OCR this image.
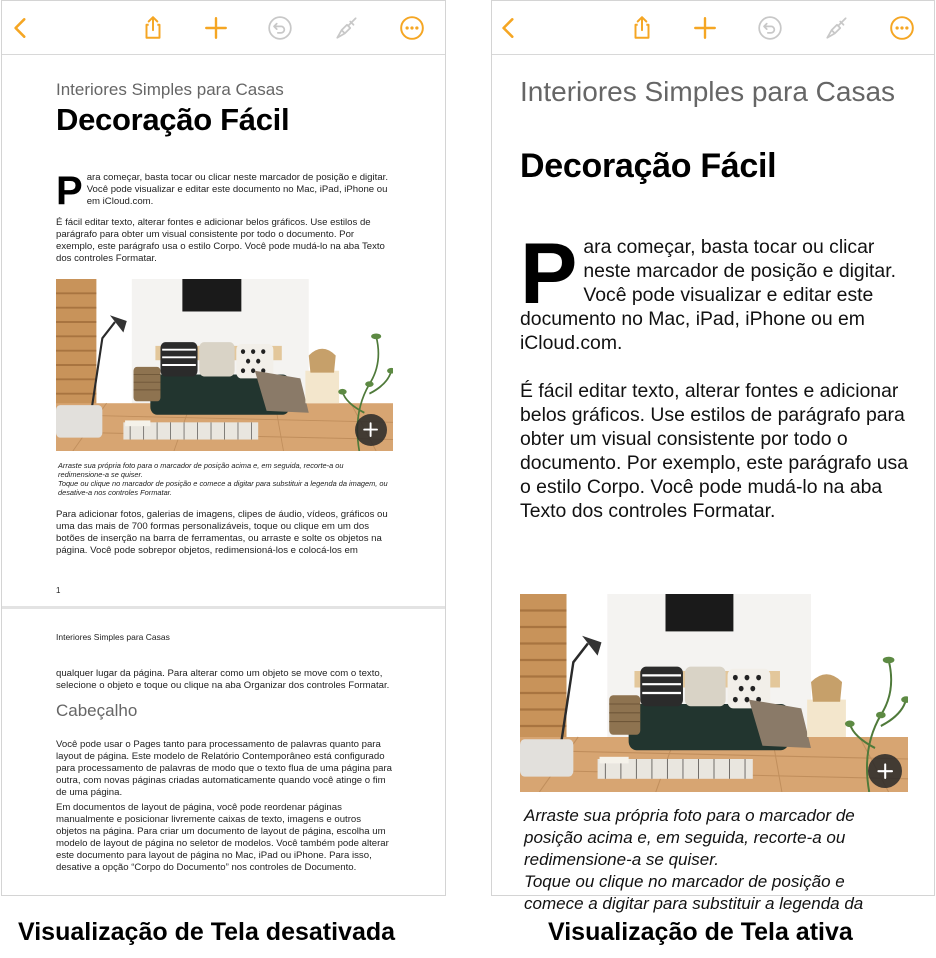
Interiores Simples para Casas
Decoração Fácil
Para começar, basta tocar ou clicar neste marcador de posição e digitar. Você pode visualizar e editar este documento no Mac, iPad, iPhone ou em iCloud.com.
É fácil editar texto, alterar fontes e adicionar belos gráficos. Use estilos de parágrafo para obter um visual consistente por todo o documento. Por exemplo, este parágrafo usa o estilo Corpo. Você pode mudá-lo na aba Texto dos controles Formatar.
Arraste sua própria foto para o marcador de posição acima e, em seguida, recorte-a ou redimensione-a se quiser.
Toque ou clique no marcador de posição e comece a digitar para substituir a legenda da imagem, ou desative-a nos controles Formatar.
Para adicionar fotos, galerias de imagens, clipes de áudio, vídeos, gráficos ou uma das mais de 700 formas personalizáveis, toque ou clique em um dos botões de inserção na barra de ferramentas, ou arraste e solte os objetos na página. Você pode sobrepor objetos, redimensioná-los e colocá-los em
1
Interiores Simples para Casas
qualquer lugar da página. Para alterar como um objeto se move com o texto, selecione o objeto e toque ou clique na aba Organizar dos controles Formatar.
Cabeçalho
Você pode usar o Pages tanto para processamento de palavras quanto para layout de página. Este modelo de Relatório Contemporâneo está configurado para processamento de palavras de modo que o texto flua de uma página para outra, com novas páginas criadas automaticamente quando você atinge o fim de uma página.
Em documentos de layout de página, você pode reordenar páginas manualmente e posicionar livremente caixas de texto, imagens e outros objetos na página. Para criar um documento de layout de página, escolha um modelo de layout de página no seletor de modelos. Você também pode alterar este documento para layout de página no Mac, iPad ou iPhone. Para isso, desative a opção “Corpo do Documento” nos controles de Documento.
Interiores Simples para Casas
Decoração Fácil
Para começar, basta tocar ou clicar neste marcador de posição e digitar. Você pode visualizar e editar este documento no Mac, iPad, iPhone ou em iCloud.com.
É fácil editar texto, alterar fontes e adicionar belos gráficos. Use estilos de parágrafo para obter um visual consistente por todo o documento. Por exemplo, este parágrafo usa o estilo Corpo. Você pode mudá-lo na aba Texto dos controles Formatar.
Arraste sua própria foto para o marcador de posição acima e, em seguida, recorte-a ou redimensione-a se quiser.
Toque ou clique no marcador de posição e comece a digitar para substituir a legenda da
Visualização de Tela desativada	Visualização de Tela ativa
